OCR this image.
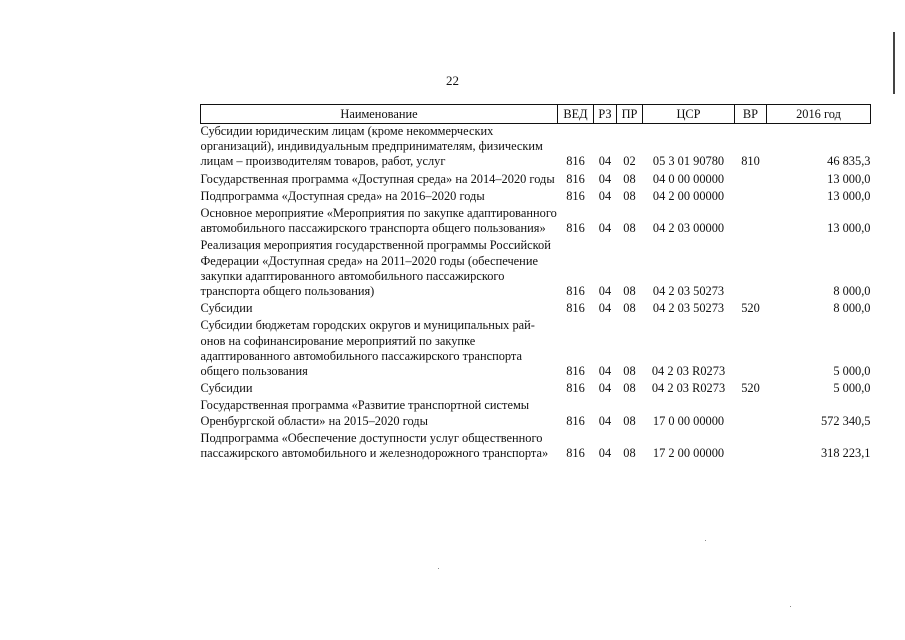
22
Наименование	ВЕД	РЗ	ПР	ЦСР	ВР	2016 год
Субсидии юридическим лицам (кроме некоммерческих организаций), индивидуальным предпринимателям, физическим лицам – производителям товаров, работ, услуг	816	04	02	05 3 01 90780	810	46 835,3
Государственная программа «Доступная среда» на 2014–2020 годы	816	04	08	04 0 00 00000		13 000,0
Подпрограмма «Доступная среда» на 2016–2020 годы	816	04	08	04 2 00 00000		13 000,0
Основное мероприятие «Мероприятия по закупке адаптированного автомобильного пассажирского транспорта общего пользования»	816	04	08	04 2 03 00000		13 000,0
Реализация мероприятия государственной программы Российской Федерации «Доступная среда» на 2011–2020 годы (обеспечение закупки адаптированного автомобильного пассажирского транспорта общего пользования)	816	04	08	04 2 03 50273		8 000,0
Субсидии	816	04	08	04 2 03 50273	520	8 000,0
Субсидии бюджетам городских округов и муниципальных рай-онов на софинансирование мероприятий по закупке адаптированного автомобильного пассажирского транспорта общего пользования	816	04	08	04 2 03 R0273		5 000,0
Субсидии	816	04	08	04 2 03 R0273	520	5 000,0
Государственная программа «Развитие транспортной системы Оренбургской области» на 2015–2020 годы	816	04	08	17 0 00 00000		572 340,5
Подпрограмма «Обеспечение доступности услуг общественного пассажирского автомобильного и железнодорожного транспорта»	816	04	08	17 2 00 00000		318 223,1
